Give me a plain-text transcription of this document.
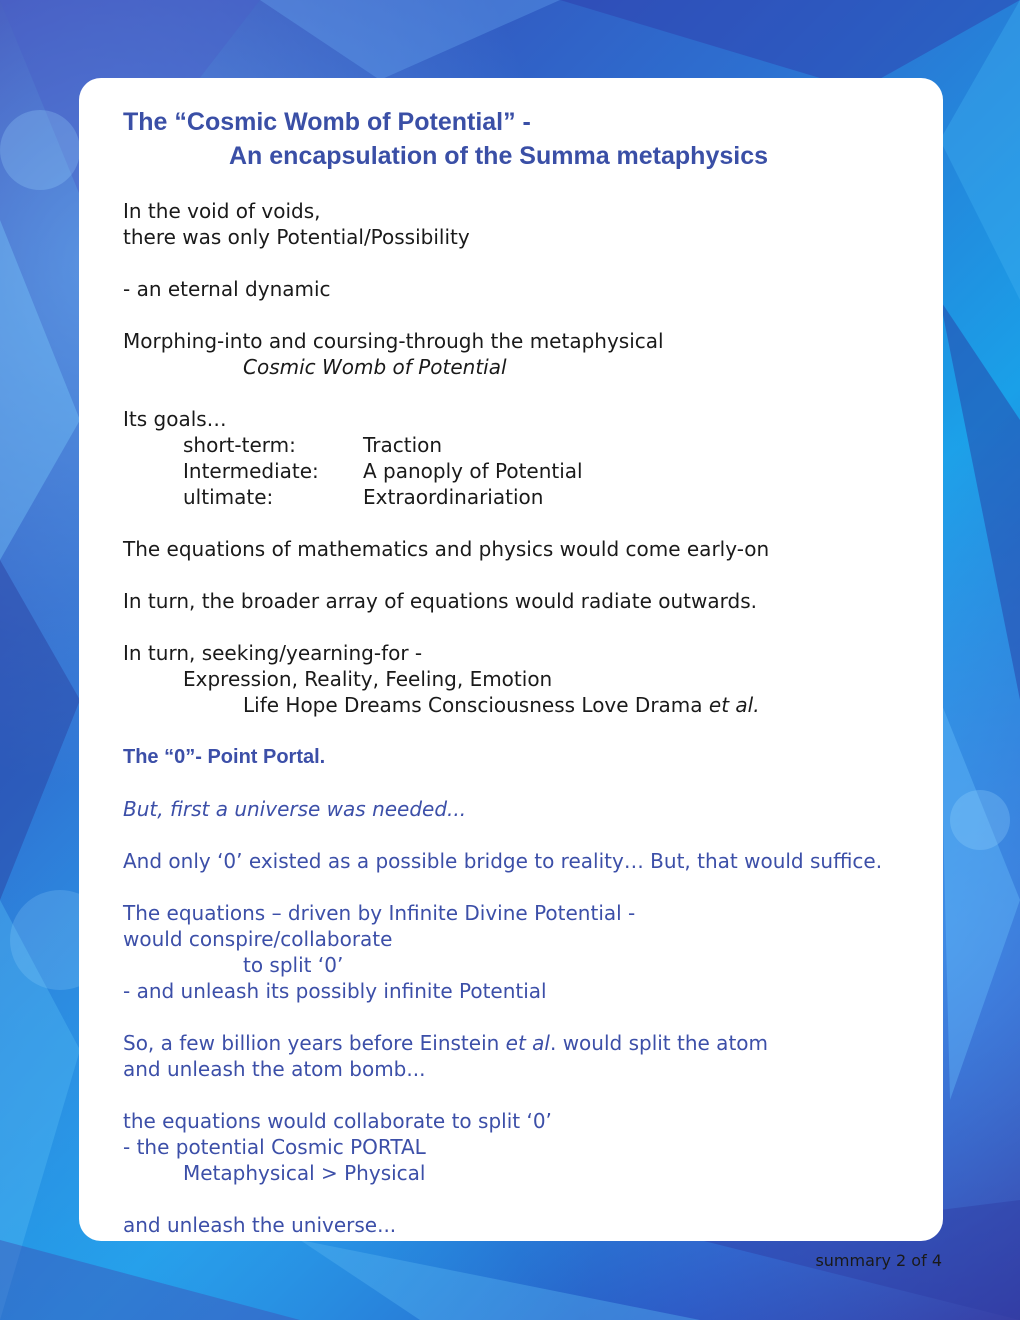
The “Cosmic Womb of Potential” -
An encapsulation of the Summa metaphysics
In the void of voids,
there was only Potential/Possibility
- an eternal dynamic
Morphing-into and coursing-through the metaphysical
Cosmic Womb of Potential
Its goals…
short-term:	Traction
Intermediate: A panoply of Potential
ultimate:	Extraordinariation
The equations of mathematics and physics would come early-on
In turn, the broader array of equations would radiate outwards.
In turn, seeking/yearning-for -
Expression, Reality, Feeling, Emotion
Life Hope Dreams Consciousness Love Drama et al.
The “0”- Point Portal.
But, first a universe was needed...
And only ‘0’ existed as a possible bridge to reality… But, that would suffice.
The equations – driven by Infinite Divine Potential -
would conspire/collaborate
to split ‘0’
- and unleash its possibly infinite Potential
So, a few billion years before Einstein et al. would split the atom
and unleash the atom bomb...
the equations would collaborate to split ‘0’
- the potential Cosmic PORTAL
Metaphysical > Physical
and unleash the universe...
summary 2 of 4
